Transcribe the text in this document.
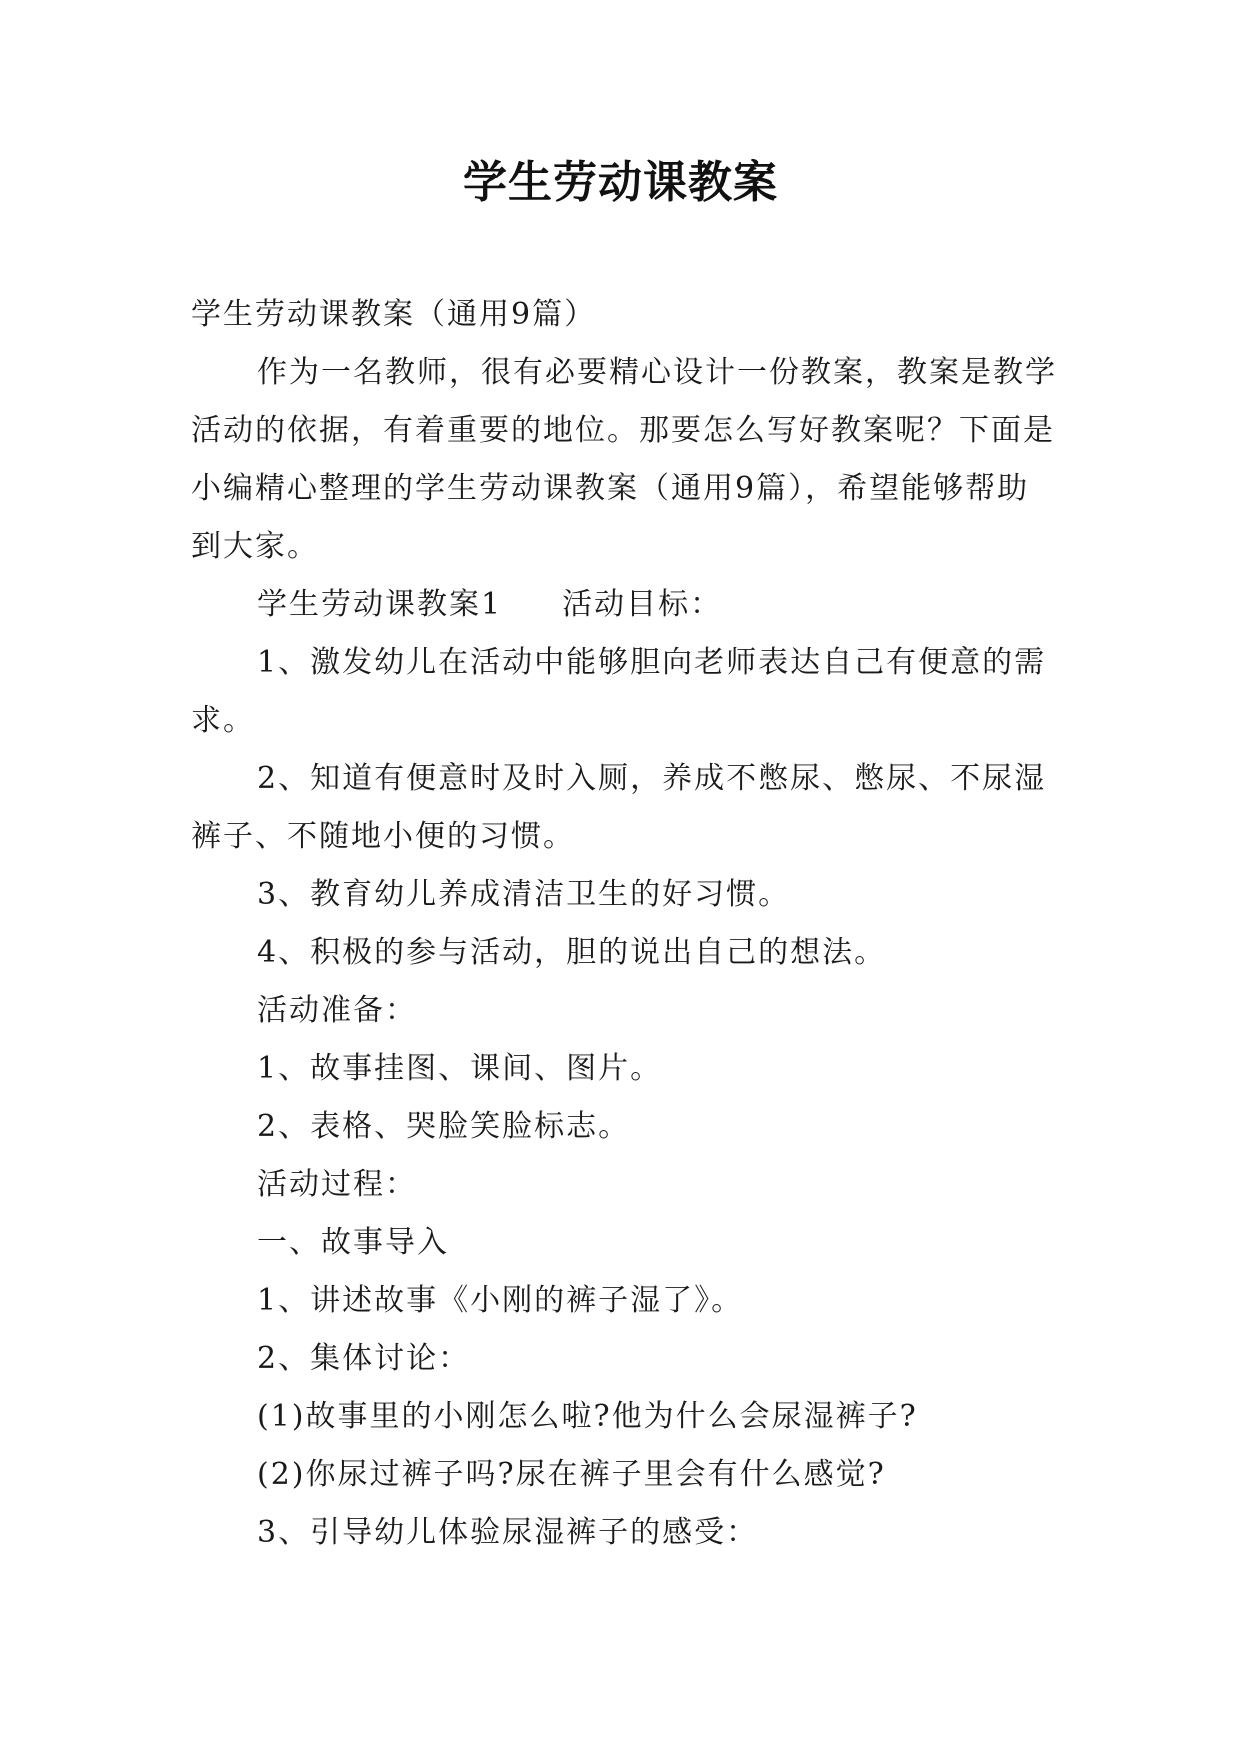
学生劳动课教案

学生劳动课教案（通用9篇）

作为一名教师，很有必要精心设计一份教案，教案是教学活动的依据，有着重要的地位。那要怎么写好教案呢？下面是小编精心整理的学生劳动课教案（通用9篇），希望能够帮助到大家。

学生劳动课教案1 活动目标：

1、激发幼儿在活动中能够胆向老师表达自己有便意的需求。

2、知道有便意时及时入厕，养成不憋尿、憋尿、不尿湿裤子、不随地小便的习惯。

3、教育幼儿养成清洁卫生的好习惯。

4、积极的参与活动，胆的说出自己的想法。

活动准备：

1、故事挂图、课间、图片。

2、表格、哭脸笑脸标志。

活动过程：

一、故事导入

1、讲述故事《小刚的裤子湿了》。

2、集体讨论：

(1)故事里的小刚怎么啦?他为什么会尿湿裤子?

(2)你尿过裤子吗?尿在裤子里会有什么感觉?

3、引导幼儿体验尿湿裤子的感受：
